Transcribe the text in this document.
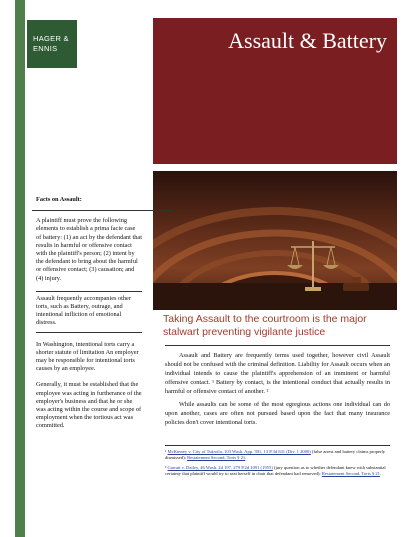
HAGER &
ENNIS	Assault & Battery
Facts on Assault:

A plaintiff must prove the following elements to establish a prima facie case of battery: (1) an act by the defendant that results in harmful or offensive contact with the plaintiff's person; (2) intent by the defendant to bring about the harmful or offensive contact; (3) causation; and (4) injury.

Assault frequently accompanies other torts, such as Battery, outrage, and intentional infliction of emotional distress.

In Washington, intentional torts carry a shorter statute of limitation An employer may be responsible for intentional torts causes by an employee.

Generally, it must be established that the employee was acting in furtherance of the employer's business and that he or she was acting within the course and scope of employment when the tortious act was committed.

Taking Assault to the courtroom is the major stalwart preventing vigilante justice

Assault and Battery are frequently terms used together, however civil Assault should not be confused with the criminal definition. Liability for Assault occurs when an individual intends to cause the plaintiff's apprehension of an imminent or harmful offensive contact. ¹ Battery by contact, is the intentional conduct that actually results in harmful or offensive contact of another. ²

While assaults can be some of the most egregious actions one individual can do upon another, cases are often not pursued based upon the fact that many insurance policies don't cover intentional torts.

¹ McKinney v. City of Tukwila, 103 Wash. App. 391, 13 P.3d 631 (Div. 1 2000) (false arrest and battery claims properly dismissed); Restatement Second, Torts § 21.

² Garratt v. Dailey, 46 Wash. 2d 197, 279 P.2d 1091 (1955) (jury question as to whether defendant knew with substantial certainty that plaintiff would try to seat herself in chair that defendant had removed); Restatement Second, Torts § 21.
